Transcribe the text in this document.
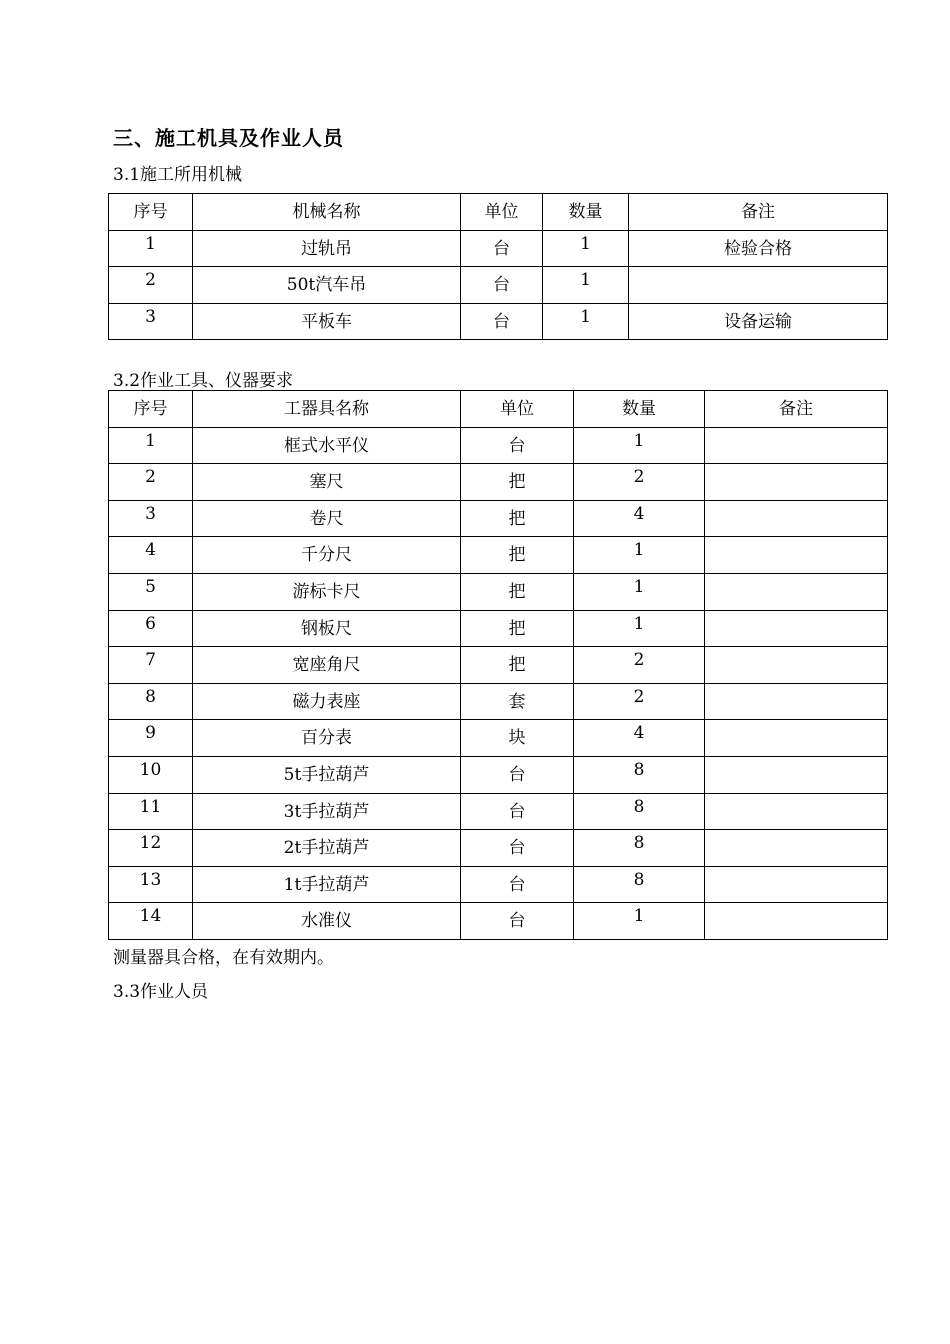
三、施工机具及作业人员
3.1施工所用机械
序号	机械名称	单位	数量	备注
1	过轨吊	台	1	检验合格
2	50t汽车吊	台	1	
3	平板车	台	1	设备运输
3.2作业工具、仪器要求
序号	工器具名称	单位	数量	备注
1	框式水平仪	台	1	
2	塞尺	把	2	
3	卷尺	把	4	
4	千分尺	把	1	
5	游标卡尺	把	1	
6	钢板尺	把	1	
7	宽座角尺	把	2	
8	磁力表座	套	2	
9	百分表	块	4	
10	5t手拉葫芦	台	8	
11	3t手拉葫芦	台	8	
12	2t手拉葫芦	台	8	
13	1t手拉葫芦	台	8	
14	水准仪	台	1	
测量器具合格，在有效期内。
3.3作业人员
